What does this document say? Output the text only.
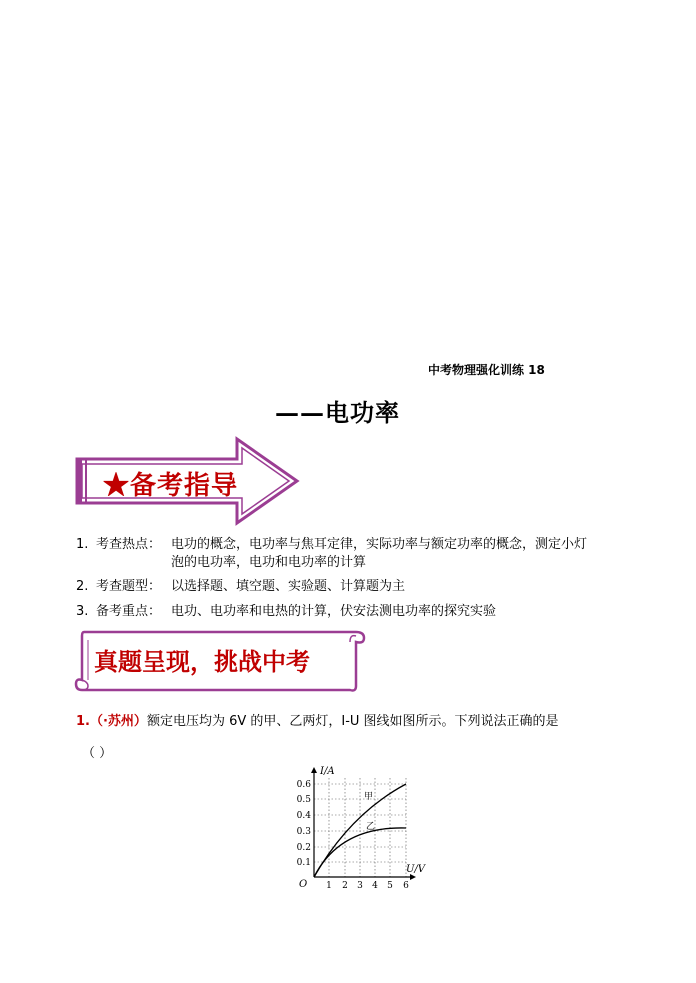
中考物理强化训练 18
——电功率
★备考指导
1. 考查热点： 电功的概念，电功率与焦耳定律，实际功率与额定功率的概念，测定小灯
泡的电功率，电功和电功率的计算
2. 考查题型： 以选择题、填空题、实验题、计算题为主
3. 备考重点： 电功、电功率和电热的计算，伏安法测电功率的探究实验
真题呈现，挑战中考
1.（·苏州）额定电压均为 6V 的甲、乙两灯，I-U 图线如图所示。下列说法正确的是
（ ）
I/A
U/V
O
0.6
0.5
0.4
0.3
0.2
0.1
1 2 3 4 5 6
甲
乙
